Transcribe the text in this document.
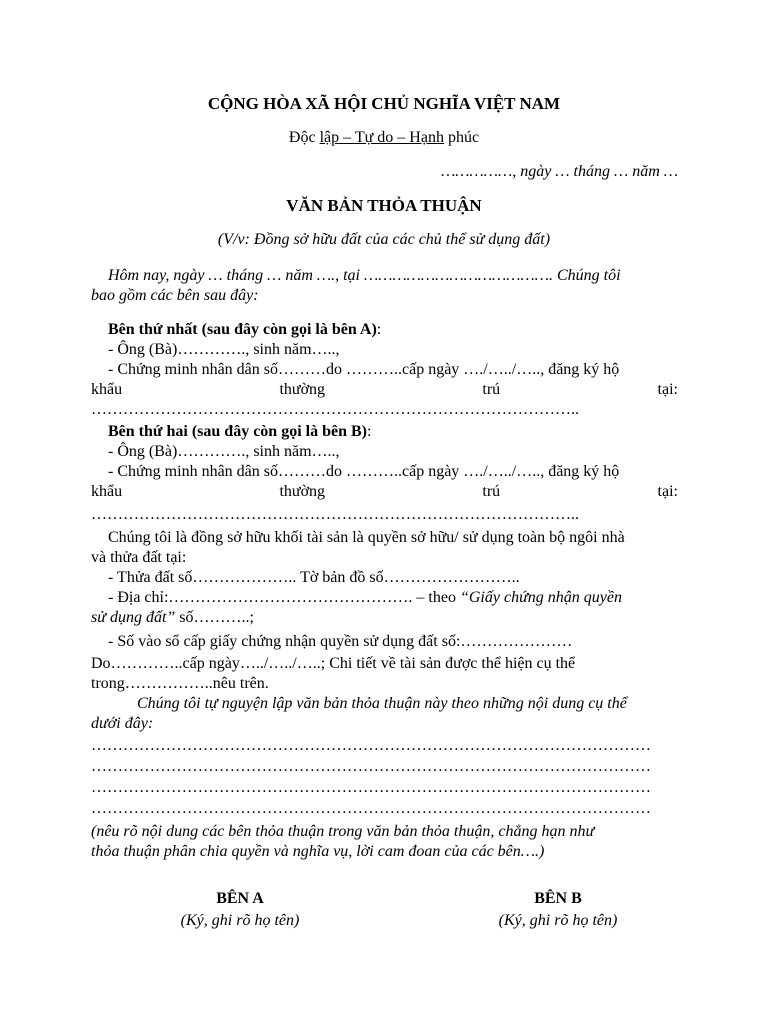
CỘNG HÒA XÃ HỘI CHỦ NGHĨA VIỆT NAM
Độc lập – Tự do – Hạnh phúc
……………, ngày … tháng … năm …
VĂN BẢN THỎA THUẬN
(V/v: Đồng sở hữu đất của các chủ thể sử dụng đất)
Hôm nay, ngày … tháng … năm …., tại …………………………………. Chúng tôi
bao gồm các bên sau đây:
Bên thứ nhất (sau đây còn gọi là bên A):
- Ông (Bà)…………., sinh năm…..,
- Chứng minh nhân dân số………do ………..cấp ngày …./…../….., đăng ký hộ
khẩu	thường	trú	tại:
………………………………………………………………………………..
Bên thứ hai (sau đây còn gọi là bên B):
- Ông (Bà)…………., sinh năm…..,
- Chứng minh nhân dân số………do ………..cấp ngày …./…../….., đăng ký hộ
khẩu	thường	trú	tại:
………………………………………………………………………………..
Chúng tôi là đồng sở hữu khối tài sản là quyền sở hữu/ sử dụng toàn bộ ngôi nhà
và thửa đất tại:
- Thửa đất số……………….. Tờ bản đồ số……………………..
- Địa chỉ:………………………………………. – theo “Giấy chứng nhận quyền
sử dụng đất” số………..;
- Số vào sổ cấp giấy chứng nhận quyền sử dụng đất số:…………………
Do…………..cấp ngày…../…../…..; Chi tiết về tài sản được thể hiện cụ thể
trong……………..nêu trên.
Chúng tôi tự nguyện lập văn bản thỏa thuận này theo những nội dung cụ thể
dưới đây:
……………………………………………………………………………………………
……………………………………………………………………………………………
……………………………………………………………………………………………
……………………………………………………………………………………………
(nêu rõ nội dung các bên thỏa thuận trong văn bản thỏa thuận, chẳng hạn như
thỏa thuận phân chia quyền và nghĩa vụ, lời cam đoan của các bên….)
BÊN A
(Ký, ghi rõ họ tên)
BÊN B
(Ký, ghi rõ họ tên)
